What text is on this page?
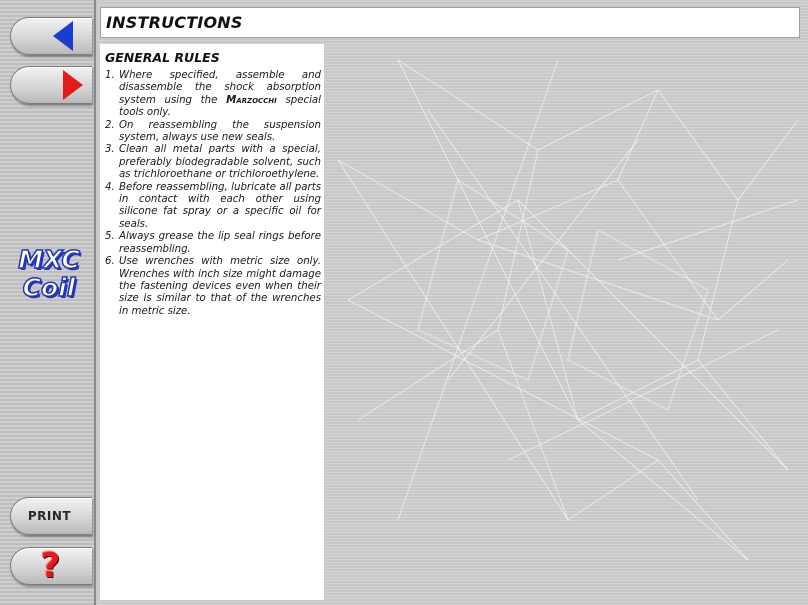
MXC
Coil
PRINT
?
INSTRUCTIONS
GENERAL RULES
1. Where specified, assemble and disassemble the shock absorption system using the Marzocchi special tools only.
2. On reassembling the suspension system, always use new seals.
3. Clean all metal parts with a special, preferably biodegradable solvent, such as trichloroethane or trichloroethylene.
4. Before reassembling, lubricate all parts in contact with each other using silicone fat spray or a specific oil for seals.
5. Always grease the lip seal rings before reassembling.
6. Use wrenches with metric size only. Wrenches with inch size might damage the fastening devices even when their size is similar to that of the wrenches in metric size.
